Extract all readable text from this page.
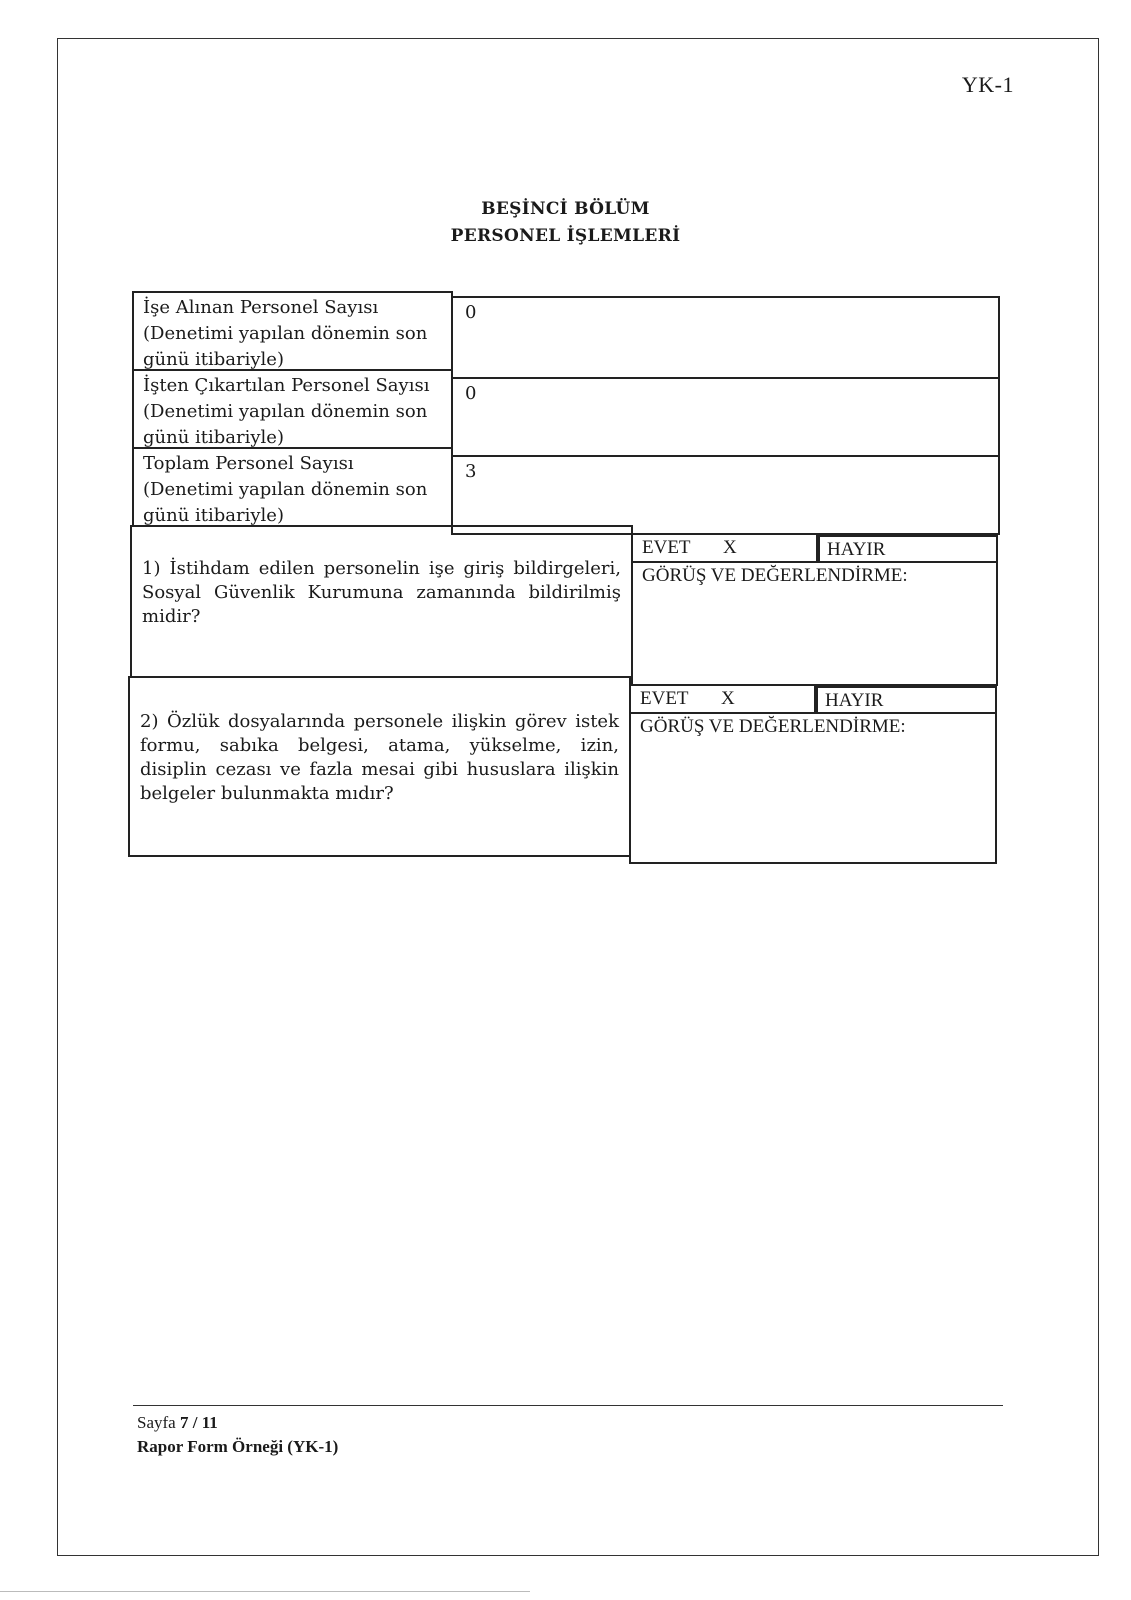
YK-1
BEŞİNCİ BÖLÜM
PERSONEL İŞLEMLERİ
İşe Alınan Personel Sayısı
(Denetimi yapılan dönemin son
günü itibariyle)
0
İşten Çıkartılan Personel Sayısı
(Denetimi yapılan dönemin son
günü itibariyle)
0
Toplam Personel Sayısı
(Denetimi yapılan dönemin son
günü itibariyle)
3
1) İstihdam edilen personelin işe giriş bildirgeleri, Sosyal Güvenlik Kurumuna zamanında bildirilmiş midir?
EVET X	HAYIR
GÖRÜŞ VE DEĞERLENDİRME:
2) Özlük dosyalarında personele ilişkin görev istek formu, sabıka belgesi, atama, yükselme, izin, disiplin cezası ve fazla mesai gibi hususlara ilişkin belgeler bulunmakta mıdır?
EVET X	HAYIR
GÖRÜŞ VE DEĞERLENDİRME:
Sayfa 7 / 11
Rapor Form Örneği (YK-1)
